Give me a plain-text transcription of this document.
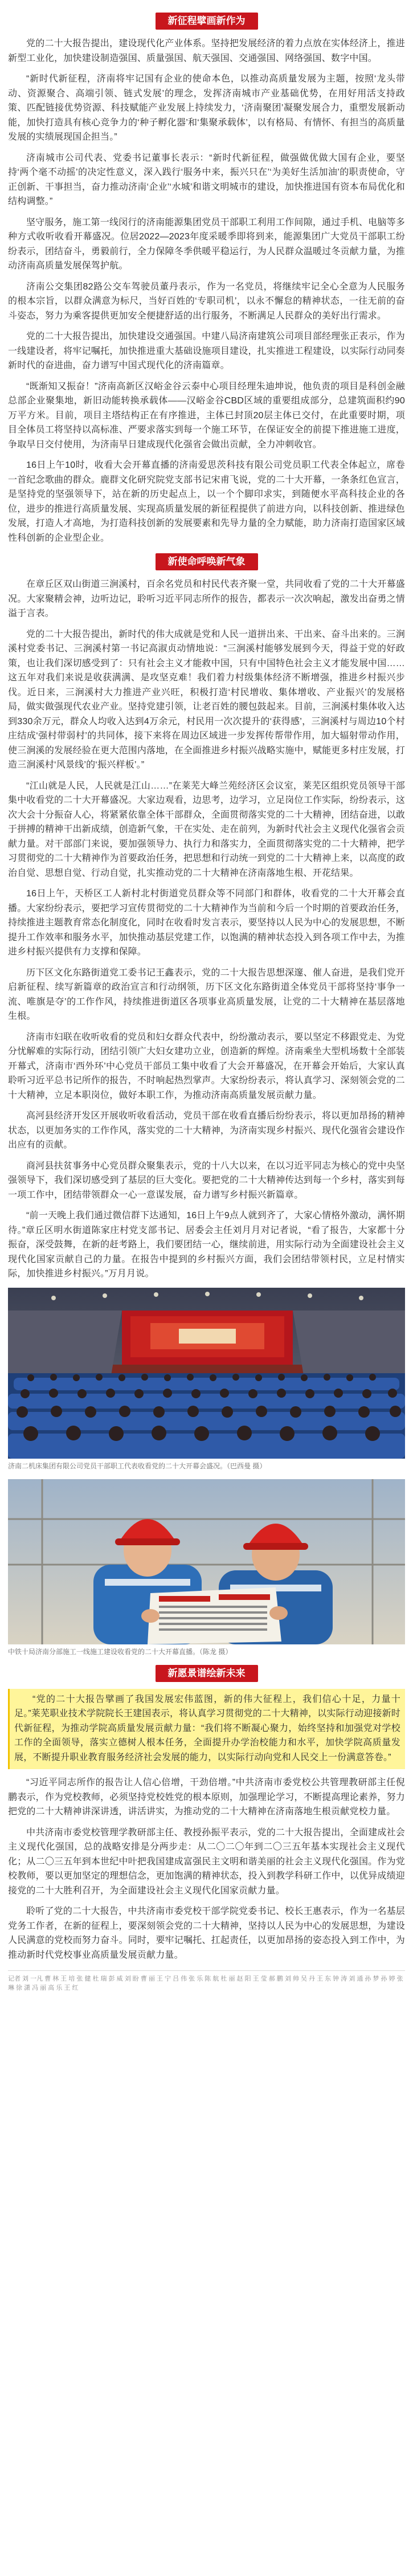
新征程擘画新作为

党的二十大报告提出，建设现代化产业体系。坚持把发展经济的着力点放在实体经济上，推进新型工业化，加快建设制造强国、质量强国、航天强国、交通强国、网络强国、数字中国。

“新时代新征程，济南将牢记国有企业的使命本色，以推动高质量发展为主题，按照‘龙头带动、资源聚合、高端引领、链式发展’的理念，发挥济南城市产业基础优势，在用好用活支持政策、匹配链接优势资源、科技赋能产业发展上持续发力，‘济南聚团’凝聚发展合力，重塑发展新动能，加快打造具有核心竞争力的‘种子孵化器’和‘集聚承载体’，以有格局、有情怀、有担当的高质量发展的实绩展现国企担当。”

济南城市公司代表、党委书记董事长表示：“新时代新征程，做强做优做大国有企业，要坚持‘两个毫不动摇’的决定性意义，深入践行‘服务中来，振兴只在’‘为美好生活加油’的职责使命，守正创新、干事担当，奋力推动济南‘企业’‘水城’和谐文明城市的建设，加快推进国有资本布局优化和结构调整。”

坚守服务，施工第一线闵行的济南能源集团党员干部职工利用工作间隙，通过手机、电脑等多种方式收听收看开幕盛况。位居2022—2023年度采暖季即将到来，能源集团广大党员干部职工纷纷表示，团结奋斗，勇毅前行，全力保障冬季供暖平稳运行，为人民群众温暖过冬贡献力量，为推动济南高质量发展保驾护航。

济南公交集团82路公交车驾驶员董丹表示，作为一名党员，将继续牢记全心全意为人民服务的根本宗旨，以群众满意为标尺，当好百姓的‘专职司机’，以永不懈怠的精神状态，一往无前的奋斗姿态，努力为乘客提供更加安全便捷舒适的出行服务，不断满足人民群众的美好出行需求。

党的二十大报告提出，加快建设交通强国。中建八局济南建筑公司项目部经理张正表示，作为一线建设者，将牢记嘱托，加快推进重大基础设施项目建设，扎实推进工程建设，以实际行动同奏新时代的奋进曲，奋力谱写中国式现代化的济南篇章。

“既渐知又振奋！”济南高新区汉峪金谷云泰中心项目经理朱迪坤说，他负责的项目是科创金融总部企业聚集地，新旧动能转换承载体——汉峪金谷CBD区域的重要组成部分，总建筑面积约90万平方米。目前，项目主塔结构正在有序推进，主体已封顶20层主体已交付，在此重要时期，项目全体员工将坚持以高标准、严要求落实到每一个施工环节，在保证安全的前提下推进施工进度，争取早日交付使用，为济南早日建成现代化强省会做出贡献，全力冲刺收官。

16日上午10时，收看大会开幕直播的济南爱思茨科技有限公司党员职工代表全体起立，席卷一首纪念歌曲的群众。鹿群文化研究院党支部书记宋甫飞说，党的二十大开幕，一条条红色宣言，是坚持党的坚强领导下，站在新的历史起点上，以一个个脚印求实，到随便水平高科技企业的各位，进步的推进行高质量发展、实现高质量发展的新征程提供了前进方向，以科技创新、推进绿色发展，打造人才高地，为打造科技创新的发展要素和先导力量的全力赋能，助力济南打造国家区域性科创新的企业型企业。

新使命呼唤新气象

在章丘区双山街道三涧溪村，百余名党员和村民代表齐聚一堂，共同收看了党的二十大开幕盛况。大家聚精会神，边听边记，聆听习近平同志所作的报告，都表示一次次响起，激发出奋勇之情溢于言表。

党的二十大报告提出，新时代的伟大成就是党和人民一道拼出来、干出来、奋斗出来的。三涧溪村党委书记、三涧溪村第一书记高淑贞动情地说：“三涧溪村能够发展到今天，得益于党的好政策，也让我们深切感受到了：只有社会主义才能救中国，只有中国特色社会主义才能发展中国……这五年对我们来说是收获满满、是攻坚克难！我们着力村级集体经济不断增强，推进乡村振兴步伐。近日来，三涧溪村大力推进产业兴旺，积极打造‘村民增收、集体增收、产业振兴’的发展格局，做实做强现代农业产业。坚持党建引领，让老百姓的腰包鼓起来。目前，三涧溪村集体收入达到330余万元，群众人均收入达到4万余元，村民用一次次提升的‘获得感’，三涧溪村与周边10个村庄结成‘强村带弱村’的共同体，接下来将在周边区域进一步发挥传帮带作用，加大辐射带动作用，使三涧溪的发展经验在更大范围内落地，在全面推进乡村振兴战略实施中，赋能更多村庄发展，打造三涧溪村‘风景线’的‘振兴样板’。”

“江山就是人民，人民就是江山……”在莱芜大峰兰苑经济区会议室，莱芜区组织党员领导干部集中收看党的二十大开幕盛况。大家边观看，边思考，边学习，立足岗位工作实际，纷纷表示，这次大会十分振奋人心，将紧紧依靠全体干部群众，全面贯彻落实党的二十大精神，团结奋进，以敢于拼搏的精神干出新成绩，创造新气象，干在实处、走在前列，为新时代社会主义现代化强省会贡献力量。对干部部门来说，要加强领导力、执行力和落实力，全面贯彻落实党的二十大精神，把学习贯彻党的二十大精神作为首要政治任务，把思想和行动统一到党的二十大精神上来，以高度的政治自觉、思想自觉、行动自觉，扎实推动党的二十大精神在济南落地生根、开花结果。

16日上午，天桥区工人新村北村街道党员群众等不同部门和群体，收看党的二十大开幕会直播。大家纷纷表示，要把学习宣传贯彻党的二十大精神作为当前和今后一个时期的首要政治任务，持续推进主题教育常态化制度化，同时在收看时发言表示，要坚持以人民为中心的发展思想，不断提升工作效率和服务水平，加快推动基层党建工作，以饱满的精神状态投入到各项工作中去，为推进乡村振兴提供有力支撑和保障。

历下区文化东路街道党工委书记王鑫表示，党的二十大报告思想深邃、催人奋进，是我们党开启新征程、续写新篇章的政治宣言和行动纲领，历下区文化东路街道全体党员干部将坚持‘事争一流、唯旗是夺’的工作作风，持续推进街道区各项事业高质量发展，让党的二十大精神在基层落地生根。

济南市妇联在收听收看的党员和妇女群众代表中，纷纷激动表示，要以坚定不移跟党走、为党分忧解难的实际行动，团结引领广大妇女建功立业，创造新的辉煌。济南乘坐大型机场数十全部装开幕式，济南市‘西外环’中心党员干部员工集中收看了大会开幕盛况，在开幕会开始后，大家认真聆听习近平总书记所作的报告，不时响起热烈掌声。大家纷纷表示，将认真学习、深刻领会党的二十大精神，立足本职岗位，做好本职工作，为推动济南高质量发展贡献力量。

高河县经济开发区开展收听收看活动，党员干部在收看直播后纷纷表示，将以更加昂扬的精神状态，以更加务实的工作作风，落实党的二十大精神，为济南实现乡村振兴、现代化强省会建设作出应有的贡献。

商河县扶贫事务中心党员群众聚集表示，党的十八大以来，在以习近平同志为核心的党中央坚强领导下，我们深切感受到了基层的巨大变化。要把党的二十大精神传达到每一个乡村，落实到每一项工作中，团结带领群众一心一意谋发展，奋力谱写乡村振兴新篇章。

“前一天晚上我们通过微信群下达通知，16日上午9点人就到齐了，大家心情格外激动，满怀期待。”章丘区明水街道陈家庄村党支部书记、居委会主任刘月月对记者说，“看了报告，大家都十分振奋，深受鼓舞，在新的赶考路上，我们要团结一心，继续前进，用实际行动为全面建设社会主义现代化国家贡献自己的力量。在报告中提到的乡村振兴方面，我们会团结带领村民，立足村情实际，加快推进乡村振兴。”万月月说。

济南二机床集团有限公司党员干部职工代表收看党的二十大开幕会盛况。（巴西曼 摄）
中铁十局济南分部施工一线施工建设收看党的二十大开幕直播。（陈龙 摄）
新愿景谱绘新未来

“党的二十大报告擘画了我国发展宏伟蓝图，新的伟大征程上，我们信心十足，力量十足。”莱芜职业技术学院院长王建国表示，将认真学习贯彻党的二十大精神，以实际行动迎接新时代新征程，为推动学院高质量发展贡献力量：“我们将不断凝心聚力，始终坚持和加强党对学校工作的全面领导，落实立德树人根本任务，全面提升办学治校能力和水平，加快学院高质量发展，不断提升职业教育服务经济社会发展的能力，以实际行动向党和人民交上一份满意答卷。”

“习近平同志所作的报告让人信心倍增，干劲倍增。”中共济南市委党校公共管理教研部主任倪鹏表示，作为党校教师，必须坚持党校姓党的根本原则，加强理论学习，不断提高理论素养，努力把党的二十大精神讲深讲透，讲活讲实，为推动党的二十大精神在济南落地生根贡献党校力量。

中共济南市委党校管理学教研部主任、教授孙振平表示，党的二十大报告提出，全面建成社会主义现代化强国，总的战略安排是分两步走：从二〇二〇年到二〇三五年基本实现社会主义现代化；从二〇三五年到本世纪中叶把我国建成富强民主文明和谐美丽的社会主义现代化强国。作为党校教师，要以更加坚定的理想信念，更加饱满的精神状态，投入到教学科研工作中，以优异成绩迎接党的二十大胜利召开，为全面建设社会主义现代化国家贡献力量。

聆听了党的二十大报告，中共济南市委党校干部学院党委书记、校长王惠表示，作为一名基层党务工作者，在新的征程上，要深刻领会党的二十大精神，坚持以人民为中心的发展思想，为建设人民满意的党校而努力奋斗。同时，要牢记嘱托、扛起责任，以更加昂扬的姿态投入到工作中，为推动新时代党校事业高质量发展贡献力量。

记者 刘 一凡 曹 林 王 培 张 健 杜 瑞 彭 威 刘 盼 曹 丽 王 宁 吕 伟 张 乐 陈 航 杜 丽 赵 阳 王 莹 郝 鹏 刘 帅 吴 丹 王 东 钟 涛 刘 通 孙 梦 孙 婷 张 琳 徐 潇 冯 丽 高 乐 王 红
